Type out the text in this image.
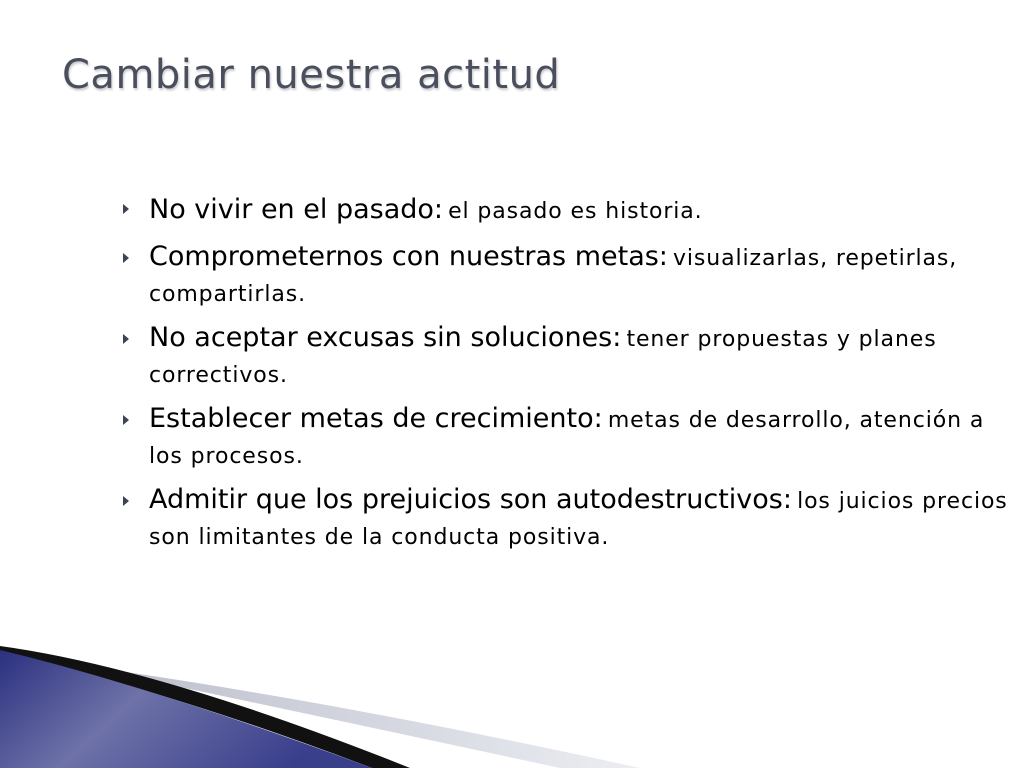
Cambiar nuestra actitud
No vivir en el pasado: el pasado es historia.
Comprometernos con nuestras metas: visualizarlas, repetirlas, compartirlas.
No aceptar excusas sin soluciones: tener propuestas y planes correctivos.
Establecer metas de crecimiento: metas de desarrollo, atención a los procesos.
Admitir que los prejuicios son autodestructivos: los juicios precios son limitantes de la conducta positiva.
